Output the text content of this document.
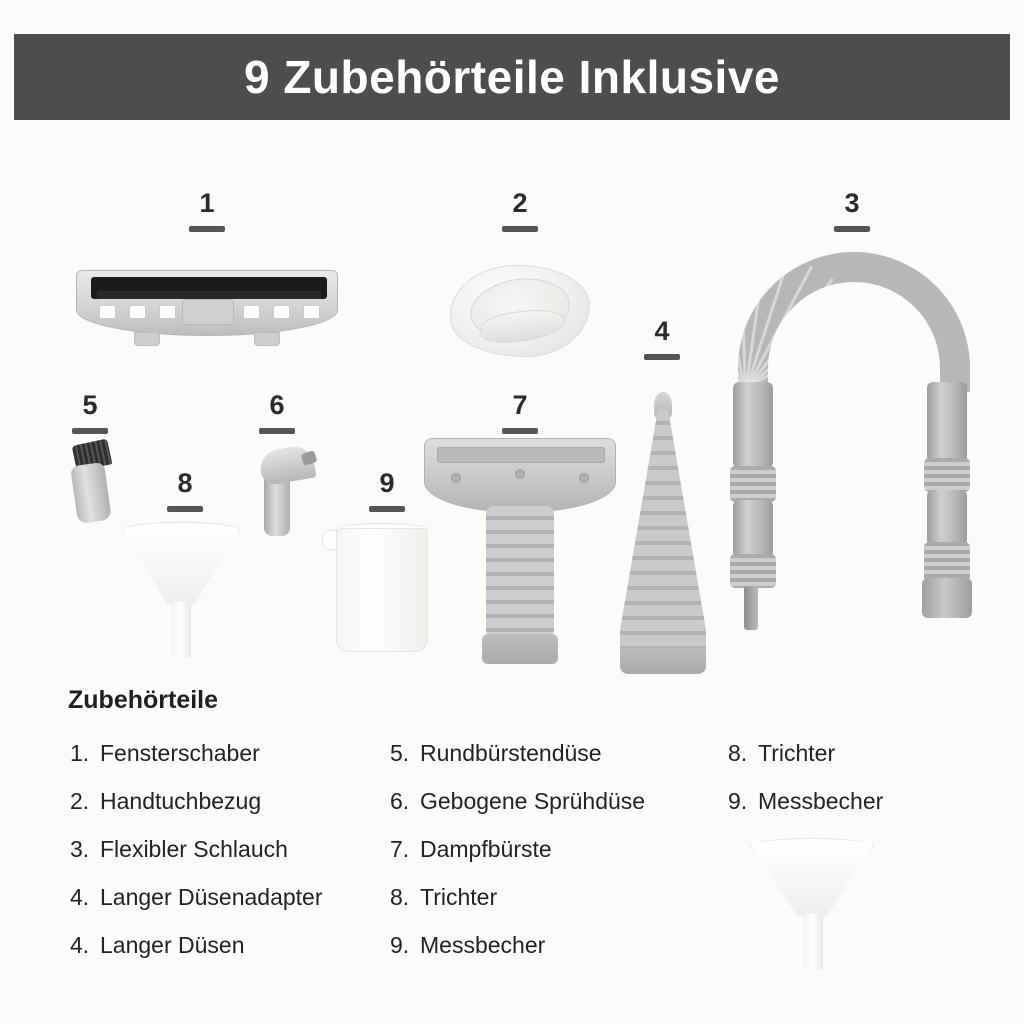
9 Zubehörteile Inklusive
1	2	3
4
5	6	7
8	9
Zubehörteile
1. Fensterschaber
2. Handtuchbezug
3. Flexibler Schlauch
4. Langer Düsenadapter
4. Langer Düsen
5. Rundbürstendüse
6. Gebogene Sprühdüse
7. Dampfbürste
8. Trichter
9. Messbecher
8. Trichter
9. Messbecher
